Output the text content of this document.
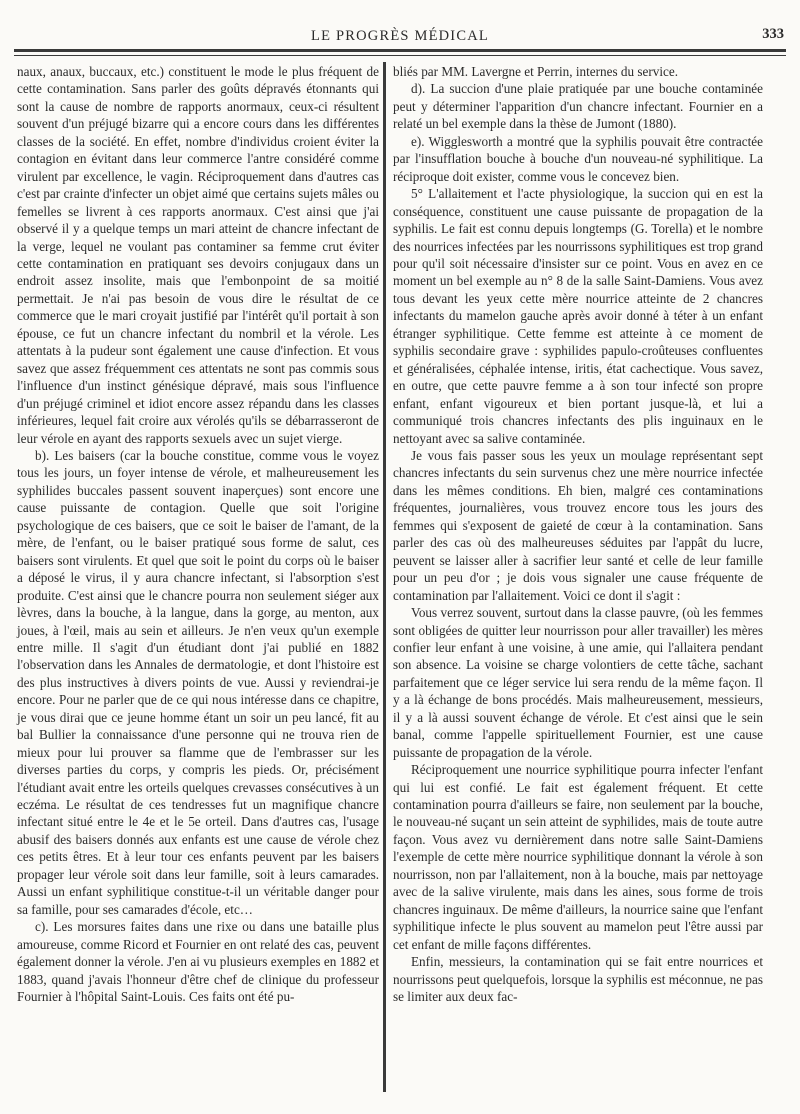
LE PROGRÈS MÉDICAL	333

naux, anaux, buccaux, etc.) constituent le mode le plus fréquent de cette contamination. Sans parler des goûts dépravés étonnants qui sont la cause de nombre de rapports anormaux, ceux-ci résultent souvent d'un préjugé bizarre qui a encore cours dans les différentes classes de la société. En effet, nombre d'individus croient éviter la contagion en évitant dans leur commerce l'antre considéré comme virulent par excellence, le vagin. Réciproquement dans d'autres cas c'est par crainte d'infecter un objet aimé que certains sujets mâles ou femelles se livrent à ces rapports anormaux. C'est ainsi que j'ai observé il y a quelque temps un mari atteint de chancre infectant de la verge, lequel ne voulant pas contaminer sa femme crut éviter cette contamination en pratiquant ses devoirs conjugaux dans un endroit assez insolite, mais que l'embonpoint de sa moitié permettait. Je n'ai pas besoin de vous dire le résultat de ce commerce que le mari croyait justifié par l'intérêt qu'il portait à son épouse, ce fut un chancre infectant du nombril et la vérole. Les attentats à la pudeur sont également une cause d'infection. Et vous savez que assez fréquemment ces attentats ne sont pas commis sous l'influence d'un instinct génésique dépravé, mais sous l'influence d'un préjugé criminel et idiot encore assez répandu dans les classes inférieures, lequel fait croire aux vérolés qu'ils se débarrasseront de leur vérole en ayant des rapports sexuels avec un sujet vierge.

b). Les baisers (car la bouche constitue, comme vous le voyez tous les jours, un foyer intense de vérole, et malheureusement les syphilides buccales passent souvent inaperçues) sont encore une cause puissante de contagion. Quelle que soit l'origine psychologique de ces baisers, que ce soit le baiser de l'amant, de la mère, de l'enfant, ou le baiser pratiqué sous forme de salut, ces baisers sont virulents. Et quel que soit le point du corps où le baiser a déposé le virus, il y aura chancre infectant, si l'absorption s'est produite. C'est ainsi que le chancre pourra non seulement siéger aux lèvres, dans la bouche, à la langue, dans la gorge, au menton, aux joues, à l'œil, mais au sein et ailleurs. Je n'en veux qu'un exemple entre mille. Il s'agit d'un étudiant dont j'ai publié en 1882 l'observation dans les Annales de dermatologie, et dont l'histoire est des plus instructives à divers points de vue. Aussi y reviendrai-je encore. Pour ne parler que de ce qui nous intéresse dans ce chapitre, je vous dirai que ce jeune homme étant un soir un peu lancé, fit au bal Bullier la connaissance d'une personne qui ne trouva rien de mieux pour lui prouver sa flamme que de l'embrasser sur les diverses parties du corps, y compris les pieds. Or, précisément l'étudiant avait entre les orteils quelques crevasses consécutives à un eczéma. Le résultat de ces tendresses fut un magnifique chancre infectant situé entre le 4e et le 5e orteil. Dans d'autres cas, l'usage abusif des baisers donnés aux enfants est une cause de vérole chez ces petits êtres. Et à leur tour ces enfants peuvent par les baisers propager leur vérole soit dans leur famille, soit à leurs camarades. Aussi un enfant syphilitique constitue-t-il un véritable danger pour sa famille, pour ses camarades d'école, etc…

c). Les morsures faites dans une rixe ou dans une bataille plus amoureuse, comme Ricord et Fournier en ont relaté des cas, peuvent également donner la vérole. J'en ai vu plusieurs exemples en 1882 et 1883, quand j'avais l'honneur d'être chef de clinique du professeur Fournier à l'hôpital Saint-Louis. Ces faits ont été pu-

bliés par MM. Lavergne et Perrin, internes du service.

d). La succion d'une plaie pratiquée par une bouche contaminée peut y déterminer l'apparition d'un chancre infectant. Fournier en a relaté un bel exemple dans la thèse de Jumont (1880).

e). Wigglesworth a montré que la syphilis pouvait être contractée par l'insufflation bouche à bouche d'un nouveau-né syphilitique. La réciproque doit exister, comme vous le concevez bien.

5° L'allaitement et l'acte physiologique, la succion qui en est la conséquence, constituent une cause puissante de propagation de la syphilis. Le fait est connu depuis longtemps (G. Torella) et le nombre des nourrices infectées par les nourrissons syphilitiques est trop grand pour qu'il soit nécessaire d'insister sur ce point. Vous en avez en ce moment un bel exemple au n° 8 de la salle Saint-Damiens. Vous avez tous devant les yeux cette mère nourrice atteinte de 2 chancres infectants du mamelon gauche après avoir donné à téter à un enfant étranger syphilitique. Cette femme est atteinte à ce moment de syphilis secondaire grave : syphilides papulo-croûteuses confluentes et généralisées, céphalée intense, iritis, état cachectique. Vous savez, en outre, que cette pauvre femme a à son tour infecté son propre enfant, enfant vigoureux et bien portant jusque-là, et lui a communiqué trois chancres infectants des plis inguinaux en le nettoyant avec sa salive contaminée.

Je vous fais passer sous les yeux un moulage représentant sept chancres infectants du sein survenus chez une mère nourrice infectée dans les mêmes conditions. Eh bien, malgré ces contaminations fréquentes, journalières, vous trouvez encore tous les jours des femmes qui s'exposent de gaieté de cœur à la contamination. Sans parler des cas où des malheureuses séduites par l'appât du lucre, peuvent se laisser aller à sacrifier leur santé et celle de leur famille pour un peu d'or ; je dois vous signaler une cause fréquente de contamination par l'allaitement. Voici ce dont il s'agit :

Vous verrez souvent, surtout dans la classe pauvre, (où les femmes sont obligées de quitter leur nourrisson pour aller travailler) les mères confier leur enfant à une voisine, à une amie, qui l'allaitera pendant son absence. La voisine se charge volontiers de cette tâche, sachant parfaitement que ce léger service lui sera rendu de la même façon. Il y a là échange de bons procédés. Mais malheureusement, messieurs, il y a là aussi souvent échange de vérole. Et c'est ainsi que le sein banal, comme l'appelle spirituellement Fournier, est une cause puissante de propagation de la vérole.

Réciproquement une nourrice syphilitique pourra infecter l'enfant qui lui est confié. Le fait est également fréquent. Et cette contamination pourra d'ailleurs se faire, non seulement par la bouche, le nouveau-né suçant un sein atteint de syphilides, mais de toute autre façon. Vous avez vu dernièrement dans notre salle Saint-Damiens l'exemple de cette mère nourrice syphilitique donnant la vérole à son nourrisson, non par l'allaitement, non à la bouche, mais par nettoyage avec de la salive virulente, mais dans les aines, sous forme de trois chancres inguinaux. De même d'ailleurs, la nourrice saine que l'enfant syphilitique infecte le plus souvent au mamelon peut l'être aussi par cet enfant de mille façons différentes.

Enfin, messieurs, la contamination qui se fait entre nourrices et nourrissons peut quelquefois, lorsque la syphilis est méconnue, ne pas se limiter aux deux fac-
